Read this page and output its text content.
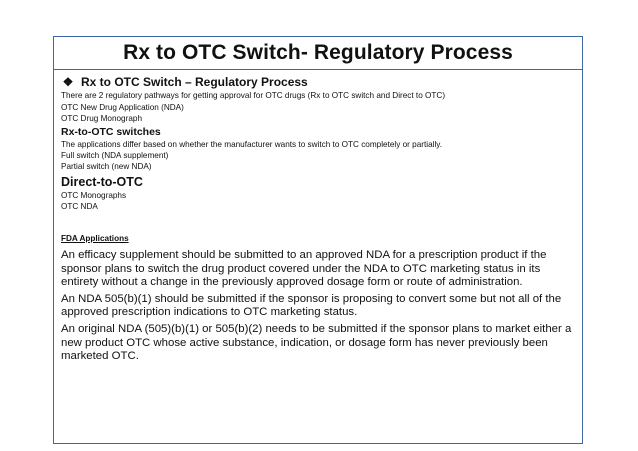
Rx to OTC Switch- Regulatory Process
❖ Rx to OTC Switch – Regulatory Process

There are 2 regulatory pathways for getting approval for OTC drugs (Rx to OTC switch and Direct to OTC)

OTC New Drug Application (NDA)

OTC Drug Monograph

Rx-to-OTC switches

The applications differ based on whether the manufacturer wants to switch to OTC completely or partially.

Full switch (NDA supplement)

Partial switch (new NDA)

Direct-to-OTC

OTC Monographs

OTC NDA

FDA Applications

An efficacy supplement should be submitted to an approved NDA for a prescription product if the sponsor plans to switch the drug product covered under the NDA to OTC marketing status in its entirety without a change in the previously approved dosage form or route of administration.

An NDA 505(b)(1) should be submitted if the sponsor is proposing to convert some but not all of the approved prescription indications to OTC marketing status.

An original NDA (505)(b)(1) or 505(b)(2) needs to be submitted if the sponsor plans to market either a new product OTC whose active substance, indication, or dosage form has never previously been marketed OTC.
